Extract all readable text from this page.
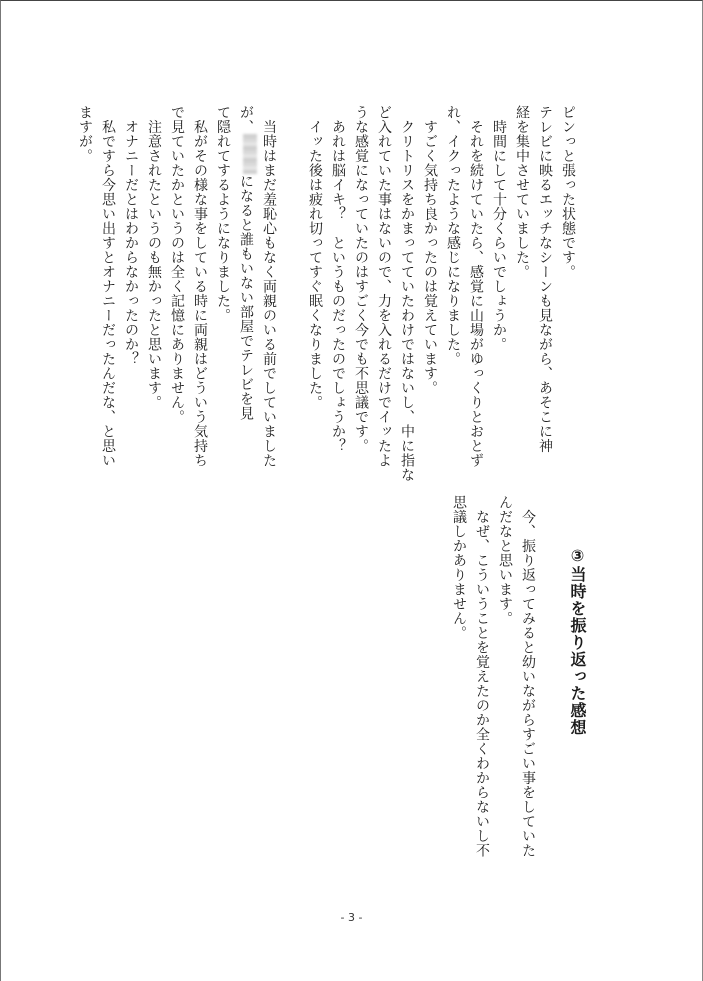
ピンっと張った状態です。

テレビに映るエッチなシーンも見ながら、あそこに神

経を集中させていました。

　時間にして十分くらいでしょうか。

　それを続けていたら、感覚に山場がゆっくりとおとず

れ、イクったような感じになりました。

　すごく気持ち良かったのは覚えています。

　クリトリスをかまってていたわけではないし、中に指な

ど入れていた事はないので、力を入れるだけでイッたよ

うな感覚になっていたのはすごく今でも不思議です。

　あれは脳イキ？　というものだったのでしょうか？

　イッた後は疲れ切ってすぐ眠くなりました。

　当時はまだ羞恥心もなく両親のいる前でしていました

が、になると誰もいない部屋でテレビを見

て隠れてするようになりました。

　私がその様な事をしている時に両親はどういう気持ち

で見ていたかというのは全く記憶にありません。

　注意されたというのも無かったと思います。

　オナニーだとはわからなかったのか？

　私ですら今思い出すとオナニーだったんだな、と思い

ますが。

③当時を振り返った感想

　今、振り返ってみると幼いながらすごい事をしていた

んだなと思います。

　なぜ、こういうことを覚えたのか全くわからないし不

思議しかありません。

- 3 -
